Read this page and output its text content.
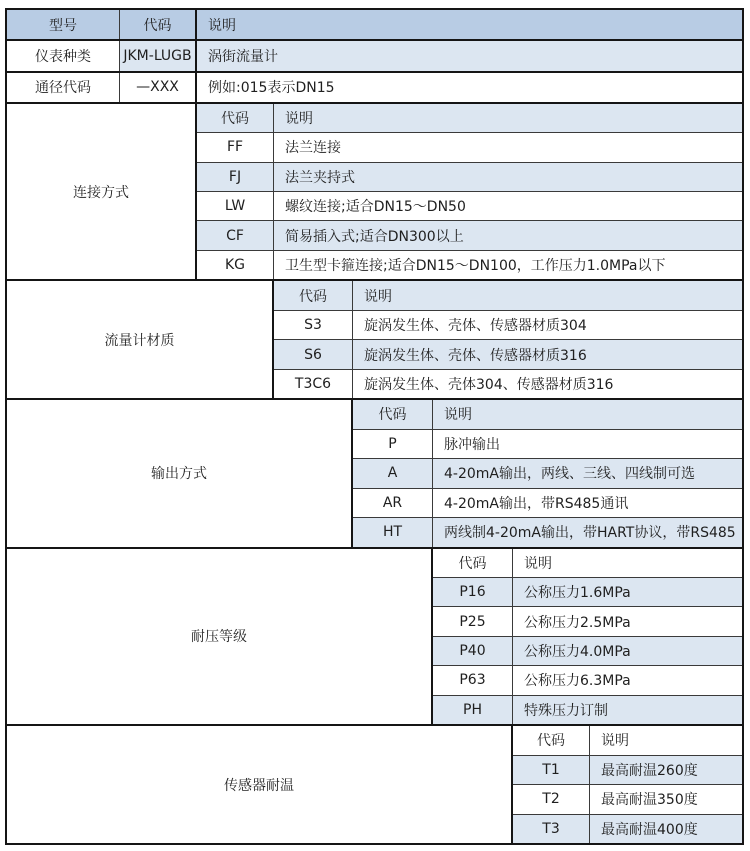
型号	代码	说明
仪表种类	JKM-LUGB	涡街流量计
通径代码	—XXX	例如:015表示DN15
连接方式
代码	说明
FF	法兰连接
FJ	法兰夹持式
LW	螺纹连接;适合DN15～DN50
CF	简易插入式;适合DN300以上
KG	卫生型卡箍连接;适合DN15～DN100，工作压力1.0MPa以下
流量计材质
代码	说明
S3	旋涡发生体、壳体、传感器材质304
S6	旋涡发生体、壳体、传感器材质316
T3C6	旋涡发生体、壳体304、传感器材质316
输出方式
代码	说明
P	脉冲输出
A	4-20mA输出，两线、三线、四线制可选
AR	4-20mA输出，带RS485通讯
HT	两线制4-20mA输出，带HART协议，带RS485
耐压等级
代码	说明
P16	公称压力1.6MPa
P25	公称压力2.5MPa
P40	公称压力4.0MPa
P63	公称压力6.3MPa
PH	特殊压力订制
传感器耐温
代码	说明
T1	最高耐温260度
T2	最高耐温350度
T3	最高耐温400度
